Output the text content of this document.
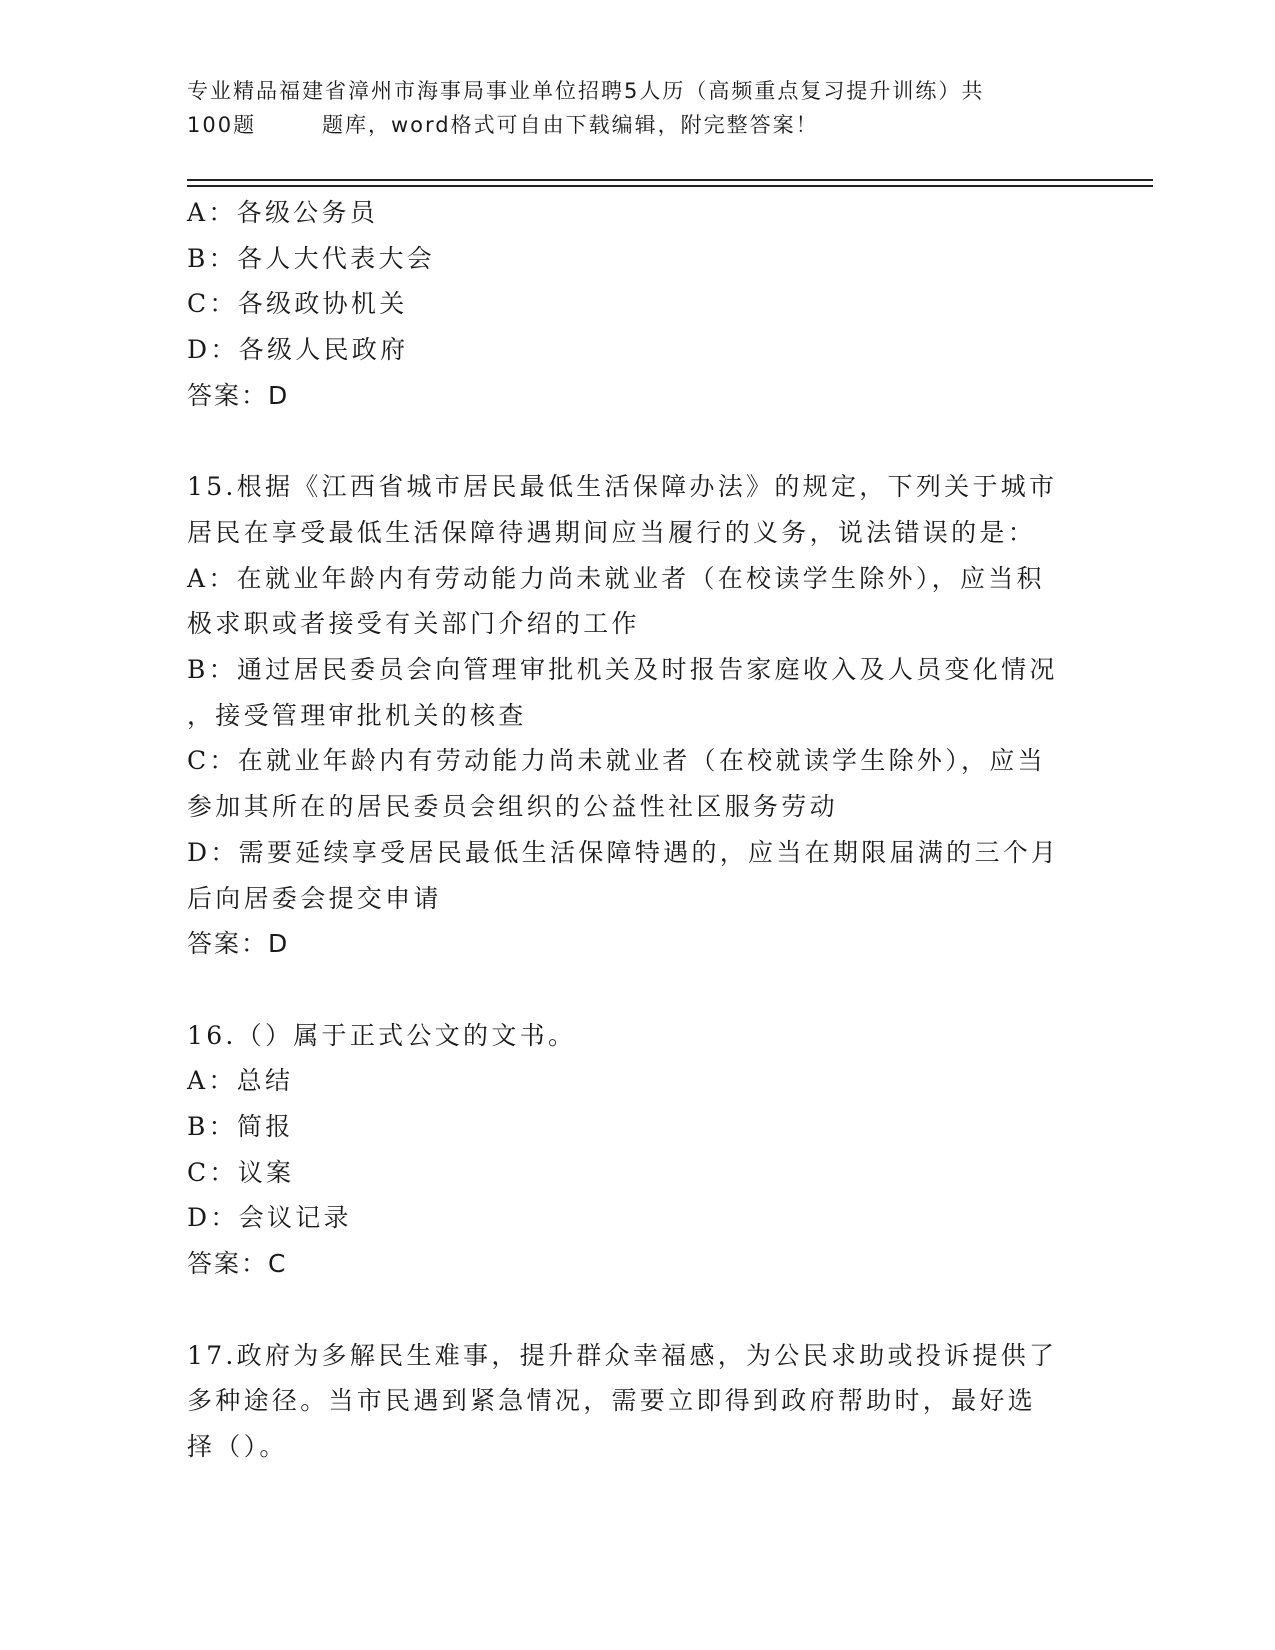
专业精品福建省漳州市海事局事业单位招聘5人历（高频重点复习提升训练）共
100题	题库，word格式可自由下载编辑，附完整答案！
A：各级公务员
B：各人大代表大会
C：各级政协机关
D：各级人民政府
答案：D
15.根据《江西省城市居民最低生活保障办法》的规定，下列关于城市
居民在享受最低生活保障待遇期间应当履行的义务，说法错误的是：
A：在就业年龄内有劳动能力尚未就业者（在校读学生除外），应当积
极求职或者接受有关部门介绍的工作
B：通过居民委员会向管理审批机关及时报告家庭收入及人员变化情况
，接受管理审批机关的核查
C：在就业年龄内有劳动能力尚未就业者（在校就读学生除外），应当
参加其所在的居民委员会组织的公益性社区服务劳动
D：需要延续享受居民最低生活保障特遇的，应当在期限届满的三个月
后向居委会提交申请
答案：D
16.（）属于正式公文的文书。
A：总结
B：简报
C：议案
D：会议记录
答案：C
17.政府为多解民生难事，提升群众幸福感，为公民求助或投诉提供了
多种途径。当市民遇到紧急情况，需要立即得到政府帮助时，最好选
择（）。
